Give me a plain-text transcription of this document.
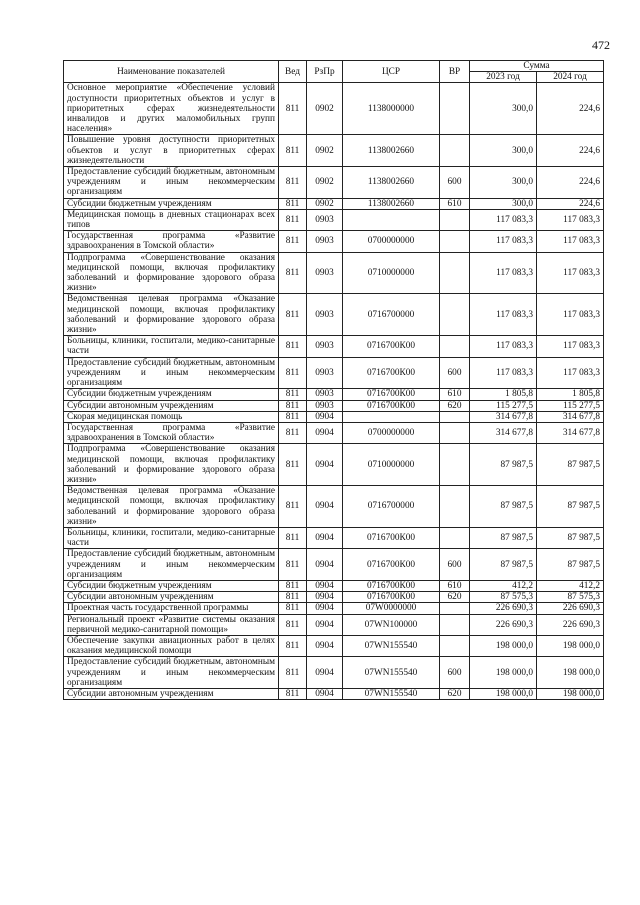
472
Наименование показателей	Вед	РзПр	ЦСР	ВР	Сумма	
					2023 год	2024 год
Основное мероприятие «Обеспечение условий доступности приоритетных объектов и услуг в приоритетных сферах жизнедеятельности инвалидов и других маломобильных групп населения»	811	0902	1138000000		300,0	224,6
Повышение уровня доступности приоритетных объектов и услуг в приоритетных сферах жизнедеятельности	811	0902	1138002660		300,0	224,6
Предоставление субсидий бюджетным, автономным учреждениям и иным некоммерческим организациям	811	0902	1138002660	600	300,0	224,6
Субсидии бюджетным учреждениям	811	0902	1138002660	610	300,0	224,6
Медицинская помощь в дневных стационарах всех типов	811	0903			117 083,3	117 083,3
Государственная программа «Развитие здравоохранения в Томской области»	811	0903	0700000000		117 083,3	117 083,3
Подпрограмма «Совершенствование оказания медицинской помощи, включая профилактику заболеваний и формирование здорового образа жизни»	811	0903	0710000000		117 083,3	117 083,3
Ведомственная целевая программа «Оказание медицинской помощи, включая профилактику заболеваний и формирование здорового образа жизни»	811	0903	0716700000		117 083,3	117 083,3
Больницы, клиники, госпитали, медико-санитарные части	811	0903	0716700К00		117 083,3	117 083,3
Предоставление субсидий бюджетным, автономным учреждениям и иным некоммерческим организациям	811	0903	0716700К00	600	117 083,3	117 083,3
Субсидии бюджетным учреждениям	811	0903	0716700К00	610	1 805,8	1 805,8
Субсидии автономным учреждениям	811	0903	0716700К00	620	115 277,5	115 277,5
Скорая медицинская помощь	811	0904			314 677,8	314 677,8
Государственная программа «Развитие здравоохранения в Томской области»	811	0904	0700000000		314 677,8	314 677,8
Подпрограмма «Совершенствование оказания медицинской помощи, включая профилактику заболеваний и формирование здорового образа жизни»	811	0904	0710000000		87 987,5	87 987,5
Ведомственная целевая программа «Оказание медицинской помощи, включая профилактику заболеваний и формирование здорового образа жизни»	811	0904	0716700000		87 987,5	87 987,5
Больницы, клиники, госпитали, медико-санитарные части	811	0904	0716700К00		87 987,5	87 987,5
Предоставление субсидий бюджетным, автономным учреждениям и иным некоммерческим организациям	811	0904	0716700К00	600	87 987,5	87 987,5
Субсидии бюджетным учреждениям	811	0904	0716700К00	610	412,2	412,2
Субсидии автономным учреждениям	811	0904	0716700К00	620	87 575,3	87 575,3
Проектная часть государственной программы	811	0904	07W0000000		226 690,3	226 690,3
Региональный проект «Развитие системы оказания первичной медико-санитарной помощи»	811	0904	07WN100000		226 690,3	226 690,3
Обеспечение закупки авиационных работ в целях оказания медицинской помощи	811	0904	07WN155540		198 000,0	198 000,0
Предоставление субсидий бюджетным, автономным учреждениям и иным некоммерческим организациям	811	0904	07WN155540	600	198 000,0	198 000,0
Субсидии автономным учреждениям	811	0904	07WN155540	620	198 000,0	198 000,0
